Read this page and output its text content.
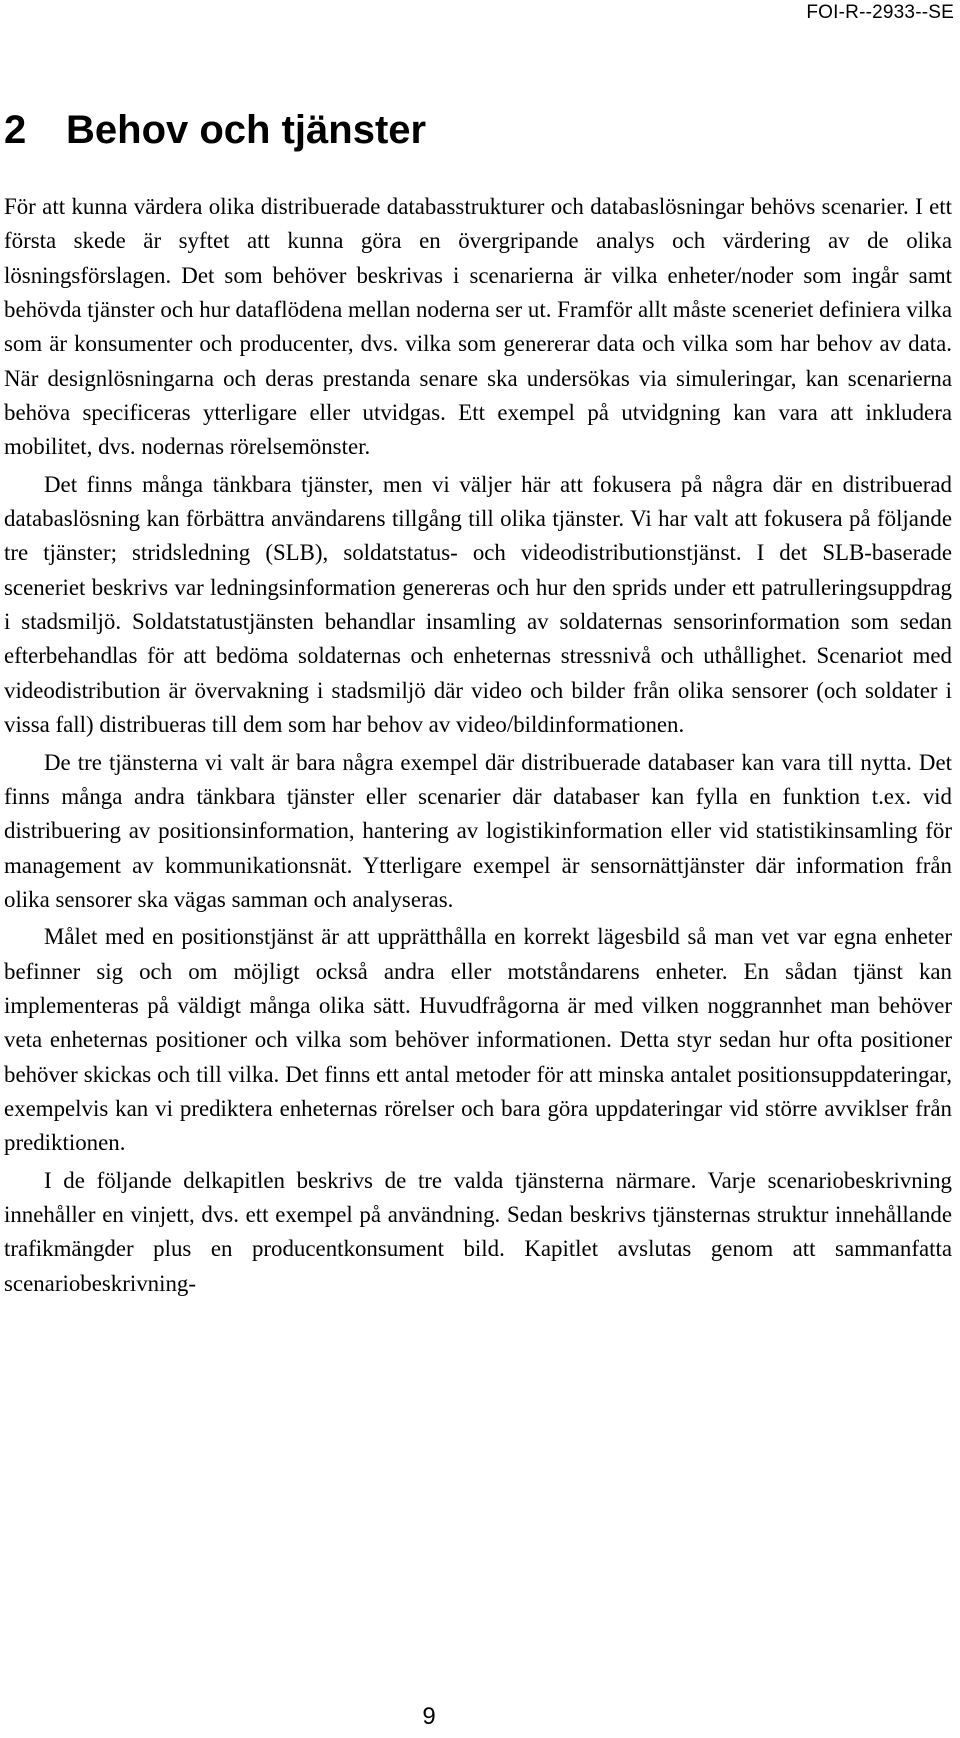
FOI-R--2933--SE
2 Behov och tjänster

För att kunna värdera olika distribuerade databasstrukturer och databaslösningar behövs scenarier. I ett första skede är syftet att kunna göra en övergripande analys och värdering av de olika lösningsförslagen. Det som behöver beskrivas i scenarierna är vilka enheter/noder som ingår samt behövda tjänster och hur dataflödena mellan noderna ser ut. Framför allt måste sceneriet definiera vilka som är konsumenter och producenter, dvs. vilka som genererar data och vilka som har behov av data. När designlösningarna och deras prestanda senare ska undersökas via simuleringar, kan scenarierna behöva specificeras ytterligare eller utvidgas. Ett exempel på utvidgning kan vara att inkludera mobilitet, dvs. nodernas rörelsemönster.

Det finns många tänkbara tjänster, men vi väljer här att fokusera på några där en distribuerad databaslösning kan förbättra användarens tillgång till olika tjänster. Vi har valt att fokusera på följande tre tjänster; stridsledning (SLB), soldatstatus- och videodistributionstjänst. I det SLB-baserade sceneriet beskrivs var ledningsinformation genereras och hur den sprids under ett patrulleringsuppdrag i stadsmiljö. Soldatstatustjänsten behandlar insamling av soldaternas sensorinformation som sedan efterbehandlas för att bedöma soldaternas och enheternas stressnivå och uthållighet. Scenariot med videodistribution är övervakning i stadsmiljö där video och bilder från olika sensorer (och soldater i vissa fall) distribueras till dem som har behov av video/bildinformationen.

De tre tjänsterna vi valt är bara några exempel där distribuerade databaser kan vara till nytta. Det finns många andra tänkbara tjänster eller scenarier där databaser kan fylla en funktion t.ex. vid distribuering av positionsinformation, hantering av logistikinformation eller vid statistikinsamling för management av kommunikationsnät. Ytterligare exempel är sensornättjänster där information från olika sensorer ska vägas samman och analyseras.

Målet med en positionstjänst är att upprätthålla en korrekt lägesbild så man vet var egna enheter befinner sig och om möjligt också andra eller motståndarens enheter. En sådan tjänst kan implementeras på väldigt många olika sätt. Huvudfrågorna är med vilken noggrannhet man behöver veta enheternas positioner och vilka som behöver informationen. Detta styr sedan hur ofta positioner behöver skickas och till vilka. Det finns ett antal metoder för att minska antalet positionsuppdateringar, exempelvis kan vi prediktera enheternas rörelser och bara göra uppdateringar vid större avviklser från prediktionen.

I de följande delkapitlen beskrivs de tre valda tjänsterna närmare. Varje scenariobeskrivning innehåller en vinjett, dvs. ett exempel på användning. Sedan beskrivs tjänsternas struktur innehållande trafikmängder plus en producentkonsument bild. Kapitlet avslutas genom att sammanfatta scenariobeskrivning-

9
